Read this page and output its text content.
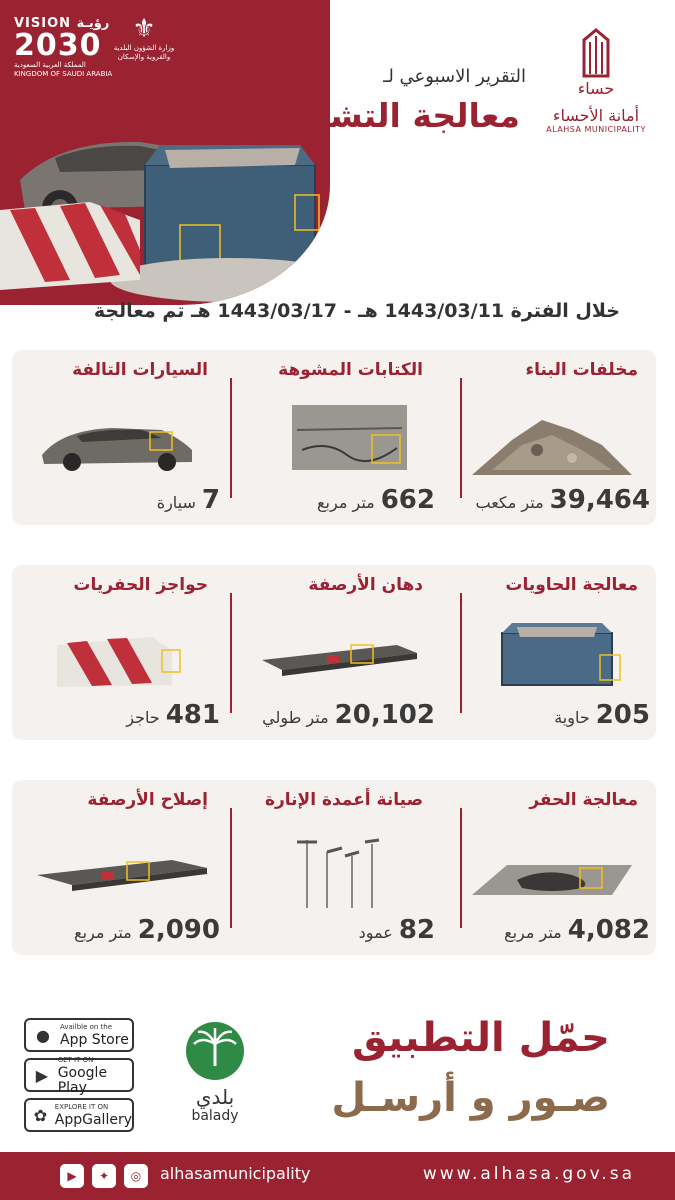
VISION رؤيـة
2030
المملكة العربية السعودية
KINGDOM OF SAUDI ARABIA
⚜
وزارة الشؤون البلدية والقروية والإسكان
التقرير الاسبوعي لـ
معالجة التشوه البصري
حساء
أمانة الأحساء
ALAHSA MUNICIPALITY
خلال الفترة 1443/03/11 هـ - 1443/03/17 هـ تم معالجة
مخلفات البناء
39,464متر مكعب
الكتابات المشوهة
662متر مربع
السيارات التالفة
7سيارة
معالجة الحاويات
205حاوية
دهان الأرصفة
20,102متر طولي
حواجز الحفريات
481حاجز
معالجة الحفر
4,082متر مربع
صيانة أعمدة الإنارة
82عمود
إصلاح الأرصفة
2,090متر مربع
●	Availble on the
App Store
▶
GET IT ON
Google Play
✿ EXPLORE IT ON
AppGallery
بلدي
balady
حمّل التطبيق
صـور و أرسـل
▶	✦	◎	alhasamunicipality	www.alhasa.gov.sa
